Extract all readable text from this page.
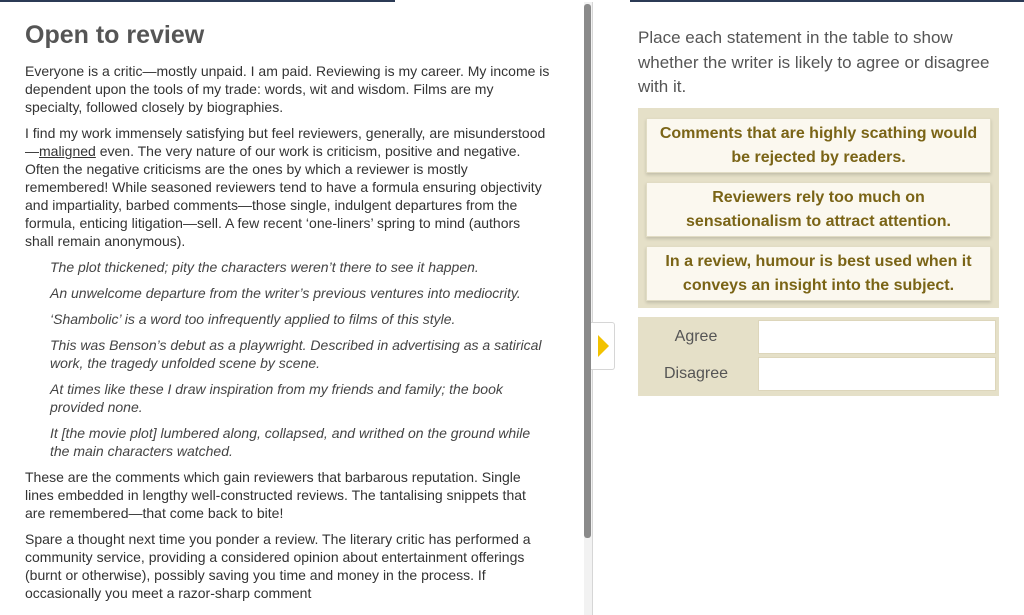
Open to review

Everyone is a critic—mostly unpaid. I am paid. Reviewing is my career. My income is dependent upon the tools of my trade: words, wit and wisdom. Films are my specialty, followed closely by biographies.

I find my work immensely satisfying but feel reviewers, generally, are misunderstood—maligned even. The very nature of our work is criticism, positive and negative. Often the negative criticisms are the ones by which a reviewer is mostly remembered! While seasoned reviewers tend to have a formula ensuring objectivity and impartiality, barbed comments—those single, indulgent departures from the formula, enticing litigation—sell. A few recent ‘one-liners’ spring to mind (authors shall remain anonymous).

The plot thickened; pity the characters weren’t there to see it happen.

An unwelcome departure from the writer’s previous ventures into mediocrity.

‘Shambolic’ is a word too infrequently applied to films of this style.

This was Benson’s debut as a playwright. Described in advertising as a satirical work, the tragedy unfolded scene by scene.

At times like these I draw inspiration from my friends and family; the book provided none.

It [the movie plot] lumbered along, collapsed, and writhed on the ground while the main characters watched.

These are the comments which gain reviewers that barbarous reputation. Single lines embedded in lengthy well-constructed reviews. The tantalising snippets that are remembered—that come back to bite!

Spare a thought next time you ponder a review. The literary critic has performed a community service, providing a considered opinion about entertainment offerings (burnt or otherwise), possibly saving you time and money in the process. If occasionally you meet a razor-sharp comment

Place each statement in the table to show whether the writer is likely to agree or disagree with it.

Comments that are highly scathing would be rejected by readers.
Reviewers rely too much on sensationalism to attract attention.
In a review, humour is best used when it conveys an insight into the subject.
Agree
Disagree
